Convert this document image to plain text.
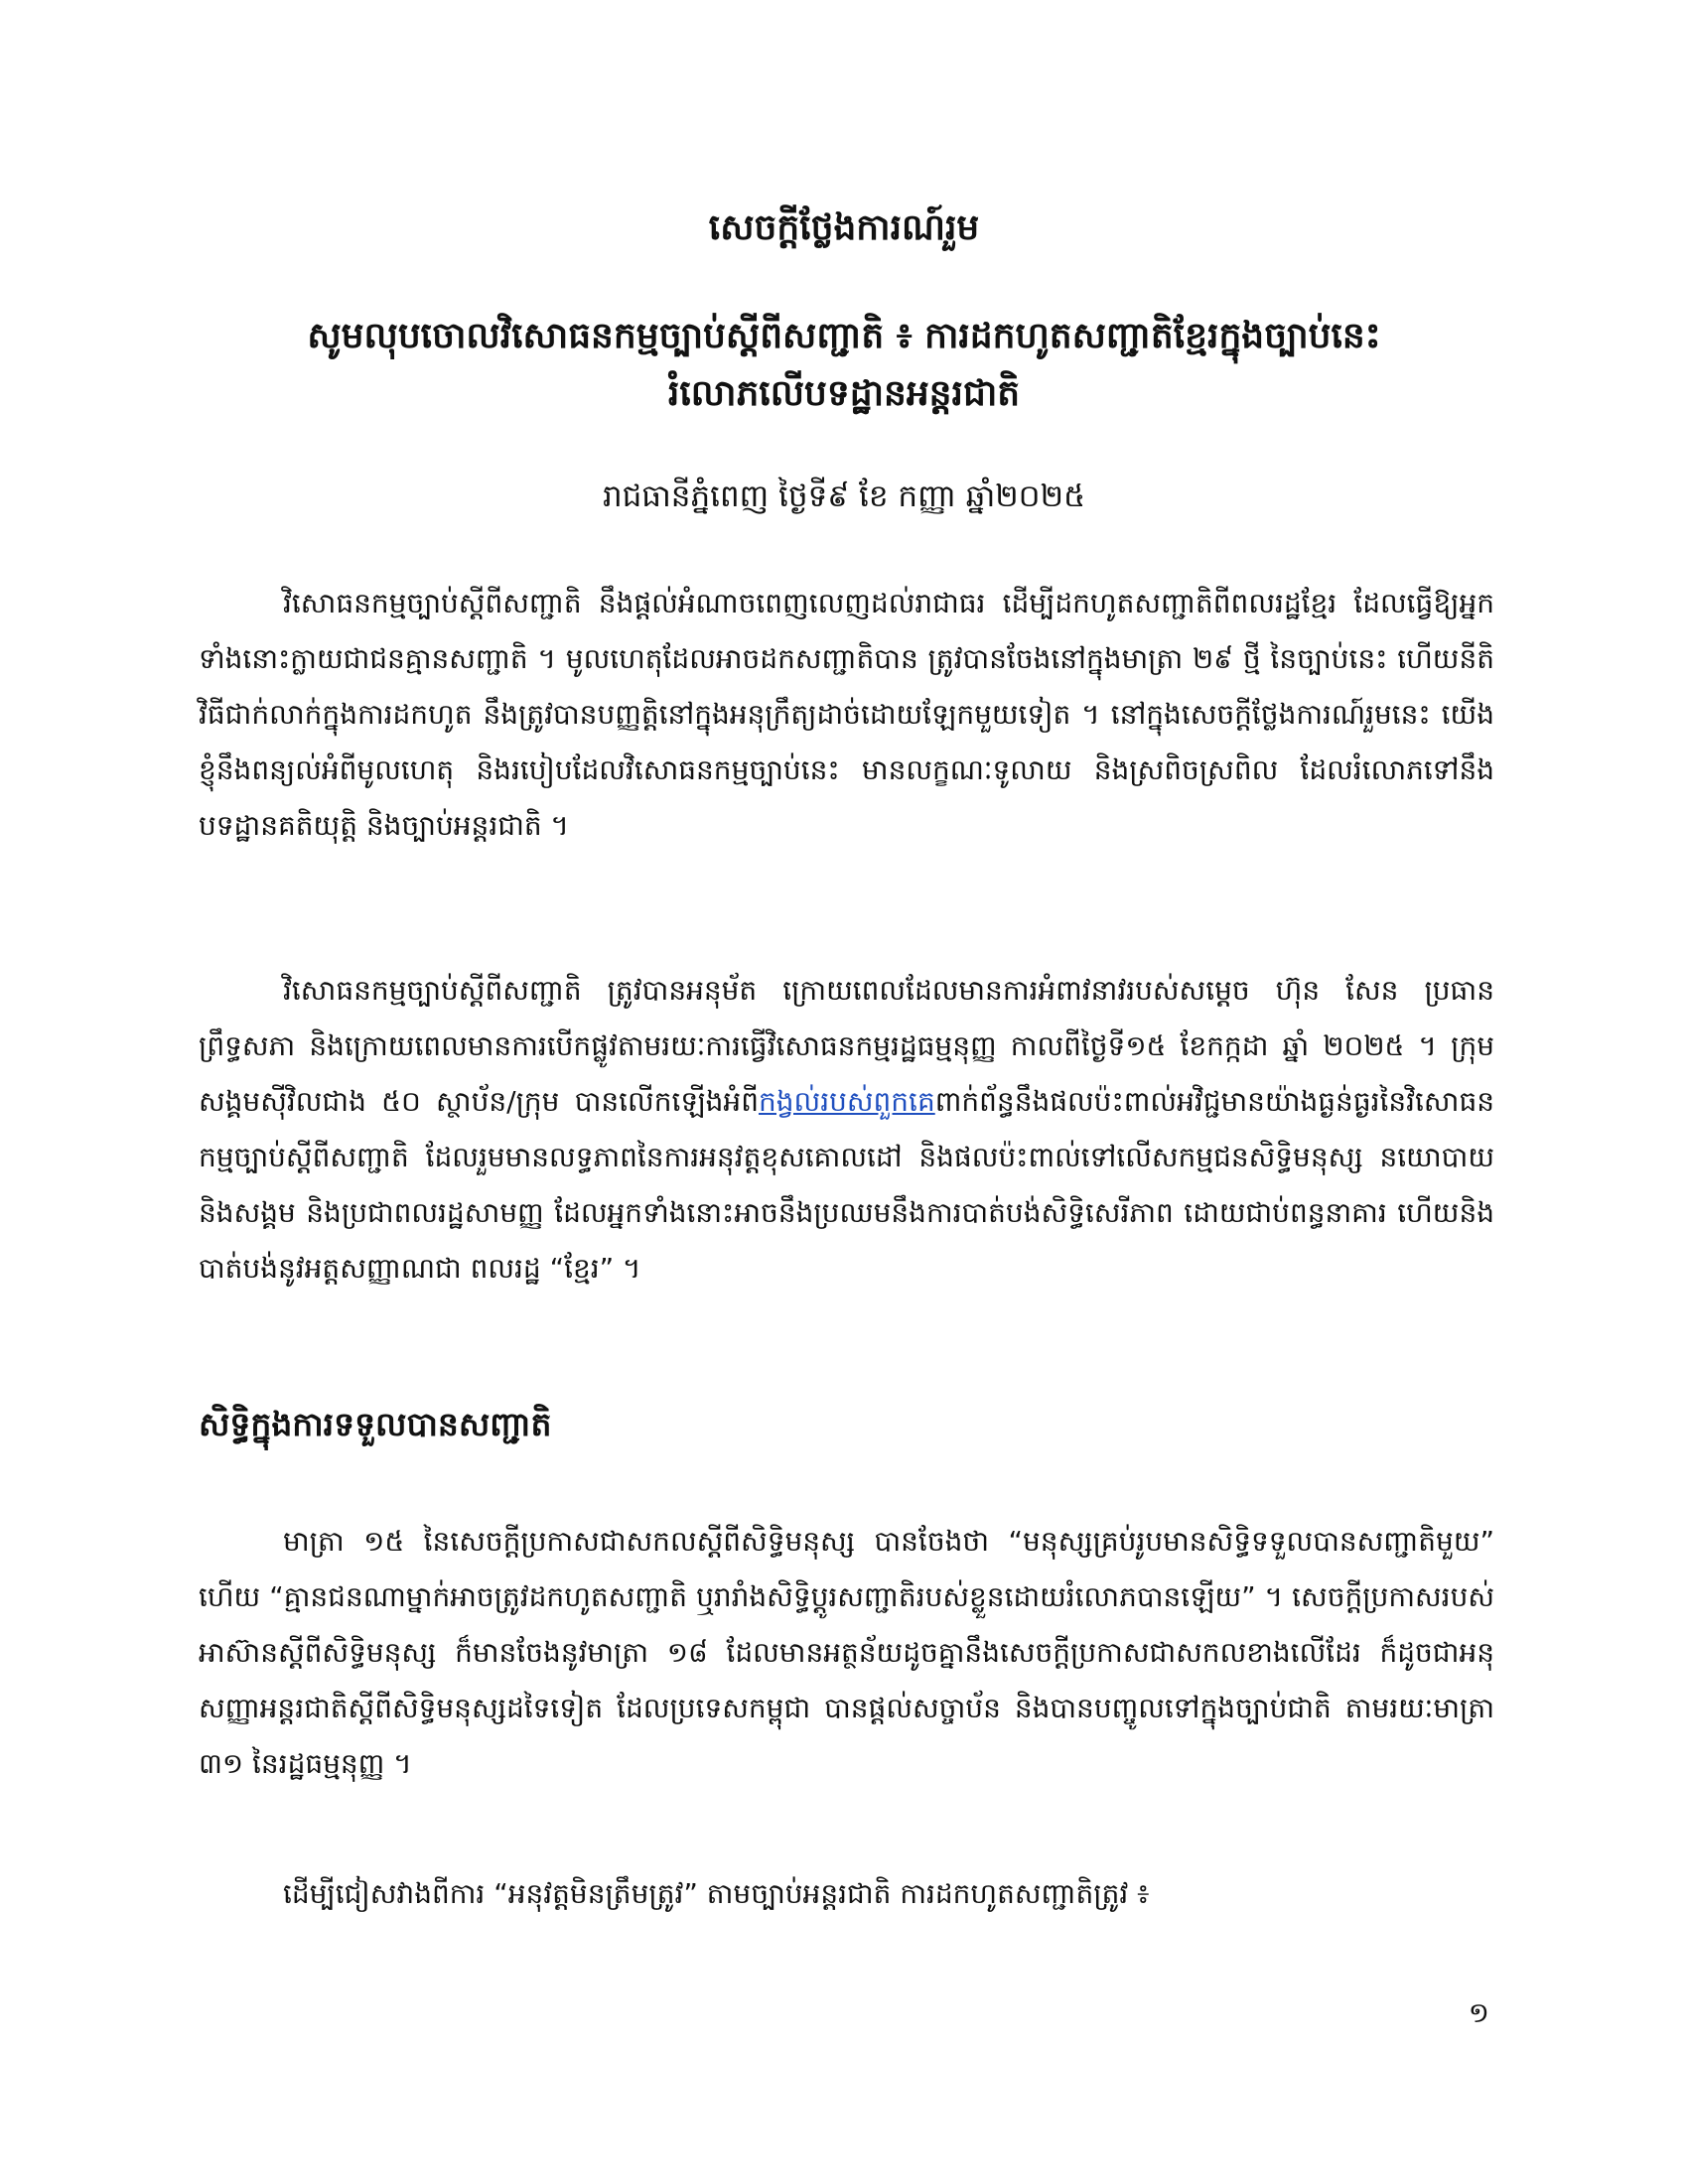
សេចក្តីថ្លែងការណ៍រួម
សូមលុបចោលវិសោធនកម្មច្បាប់ស្តីពីសញ្ជាតិ ៖ ការដកហូតសញ្ជាតិខ្មែរក្នុងច្បាប់នេះ
រំលោភលើបទដ្ឋានអន្តរជាតិ
រាជធានីភ្នំពេញ ថ្ងៃទី៩ ខែ កញ្ញា ឆ្នាំ២០២៥

វិសោធនកម្មច្បាប់ស្តីពីសញ្ជាតិ នឹងផ្តល់អំណាចពេញលេញដល់រាជាធរ ដើម្បីដកហូតសញ្ជាតិពីពលរដ្ឋខ្មែរ ដែលធ្វើឱ្យអ្នកទាំងនោះក្លាយជាជនគ្មានសញ្ជាតិ ។ មូលហេតុដែលអាចដកសញ្ជាតិបាន ត្រូវបានចែងនៅក្នុងមាត្រា ២៩ ថ្មី នៃច្បាប់នេះ ហើយនីតិវិធីជាក់លាក់ក្នុងការដកហូត នឹងត្រូវបានបញ្ញត្តិនៅក្នុងអនុក្រឹត្យដាច់ដោយឡែកមួយទៀត ។ នៅក្នុងសេចក្តីថ្លែងការណ៍រួមនេះ យើងខ្ញុំនឹងពន្យល់អំពីមូលហេតុ និងរបៀបដែលវិសោធនកម្មច្បាប់នេះ មានលក្ខណៈទូលាយ និងស្រពិចស្រពិល ដែលរំលោភទៅនឹងបទដ្ឋានគតិយុត្តិ និងច្បាប់អន្តរជាតិ ។

វិសោធនកម្មច្បាប់ស្តីពីសញ្ជាតិ ត្រូវបានអនុម័ត ក្រោយពេលដែលមានការអំពាវនាវរបស់សម្តេច ហ៊ុន សែន ប្រធានព្រឹទ្ធសភា និងក្រោយពេលមានការបើកផ្លូវតាមរយៈការធ្វើវិសោធនកម្មរដ្ឋធម្មនុញ្ញ កាលពីថ្ងៃទី១៥ ខែកក្កដា ឆ្នាំ ២០២៥ ។ ក្រុមសង្គមស៊ីវិលជាង ៥០ ស្ថាប័ន/ក្រុម បានលើកឡើងអំពីកង្វល់របស់ពួកគេពាក់ព័ន្ធនឹងផលប៉ះពាល់អវិជ្ជមានយ៉ាងធ្ងន់ធ្ងរនៃវិសោធនកម្មច្បាប់ស្តីពីសញ្ជាតិ ដែលរួមមានលទ្ធភាពនៃការអនុវត្តខុសគោលដៅ និងផលប៉ះពាល់ទៅលើសកម្មជនសិទ្ធិមនុស្ស នយោបាយនិងសង្គម និងប្រជាពលរដ្ឋសាមញ្ញ ដែលអ្នកទាំងនោះអាចនឹងប្រឈមនឹងការបាត់បង់សិទ្ធិសេរីភាព ដោយជាប់ពន្ធនាគារ ហើយនិងបាត់បង់នូវអត្តសញ្ញាណជា ពលរដ្ឋ “ខ្មែរ” ។

សិទ្ធិក្នុងការទទួលបានសញ្ជាតិ

មាត្រា ១៥ នៃសេចក្តីប្រកាសជាសកលស្តីពីសិទ្ធិមនុស្ស បានចែងថា “មនុស្សគ្រប់រូបមានសិទ្ធិទទួលបានសញ្ជាតិមួយ” ហើយ “គ្មានជនណាម្នាក់អាចត្រូវដកហូតសញ្ជាតិ ឬរារាំងសិទ្ធិប្តូរសញ្ជាតិរបស់ខ្លួនដោយរំលោភបានឡើយ” ។ សេចក្តីប្រកាសរបស់អាស៊ានស្តីពីសិទ្ធិមនុស្ស ក៏មានចែងនូវមាត្រា ១៨ ដែលមានអត្ថន័យដូចគ្នានឹងសេចក្តីប្រកាសជាសកលខាងលើដែរ ក៏ដូចជាអនុសញ្ញាអន្តរជាតិស្តីពីសិទ្ធិមនុស្សដទៃទៀត ដែលប្រទេសកម្ពុជា បានផ្តល់សច្ចាប័ន និងបានបញ្ចូលទៅក្នុងច្បាប់ជាតិ តាមរយៈមាត្រា ៣១ នៃរដ្ឋធម្មនុញ្ញ ។

ដើម្បីជៀសវាងពីការ “អនុវត្តមិនត្រឹមត្រូវ” តាមច្បាប់អន្តរជាតិ ការដកហូតសញ្ជាតិត្រូវ ៖

១
